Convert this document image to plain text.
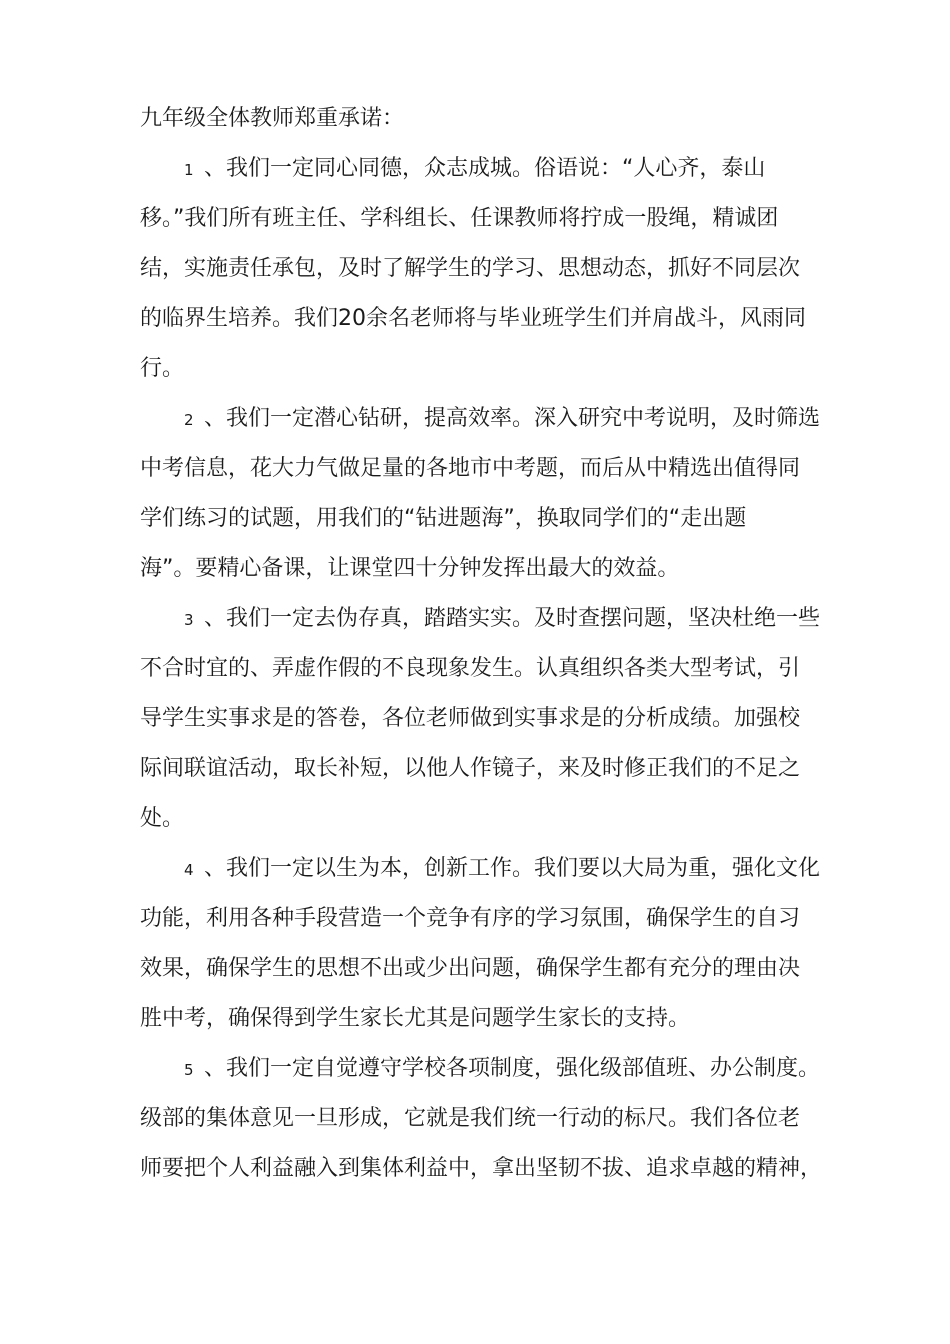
九年级全体教师郑重承诺：

1 、我们一定同心同德，众志成城。俗语说：“人心齐，泰山
移。”我们所有班主任、学科组长、任课教师将拧成一股绳，精诚团
结，实施责任承包，及时了解学生的学习、思想动态，抓好不同层次
的临界生培养。我们20余名老师将与毕业班学生们并肩战斗，风雨同
行。
2 、我们一定潜心钻研，提高效率。深入研究中考说明，及时筛选
中考信息，花大力气做足量的各地市中考题，而后从中精选出值得同
学们练习的试题，用我们的“钻进题海”，换取同学们的“走出题
海”。要精心备课，让课堂四十分钟发挥出最大的效益。
3 、我们一定去伪存真，踏踏实实。及时查摆问题，坚决杜绝一些
不合时宜的、弄虚作假的不良现象发生。认真组织各类大型考试，引
导学生实事求是的答卷，各位老师做到实事求是的分析成绩。加强校
际间联谊活动，取长补短，以他人作镜子，来及时修正我们的不足之
处。
4 、我们一定以生为本，创新工作。我们要以大局为重，强化文化
功能，利用各种手段营造一个竞争有序的学习氛围，确保学生的自习
效果，确保学生的思想不出或少出问题，确保学生都有充分的理由决
胜中考，确保得到学生家长尤其是问题学生家长的支持。
5 、我们一定自觉遵守学校各项制度，强化级部值班、办公制度。
级部的集体意见一旦形成，它就是我们统一行动的标尺。我们各位老
师要把个人利益融入到集体利益中，拿出坚韧不拔、追求卓越的精神，
